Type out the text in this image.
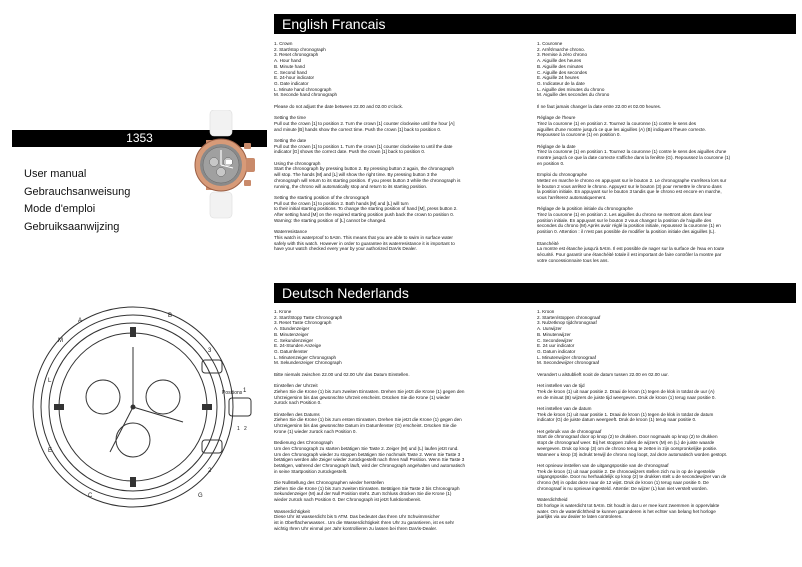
English Francais
Deutsch Nederlands
1353
User manual
Gebrauchsanweisung
Mode d'emploi
Gebruiksaanwijzing
M
L
A
B
3
1
2
G
E
C
1 2
Positions

1. Crown

2. Start/stop chronograph

3. Reset chronograph

A. Hour hand

B. Minute hand

C. Second hand

E. 24-hour indicator

G. Date indicator

L. Minute hand chronograph

M. Seconde hand chronograph

Please do not adjust the date between 22.00 and 02.00 o'clock.

Setting the time
Pull out the crown [1] to position 2. Turn the crown [1] counter clockwise until the hour [A]
and minute [B] hands show the correct time. Push the crown [1] back to position 0.

Setting the date
Pull out the crown [1] to position 1. Turn the crown [1] counter clockwise to until the date
indicator [G] shows the correct date. Push the crown [1] back to position 0.

Using the chronograph
Start the chronograph by pressing button 2. By pressing button 2 again, the chronograph
will stop. The hands [M] and [L] will show the right time. By pressing button 3 the
chronograph will return to its starting position. If you press button 3 while the chronograph is
running, the chrono will automatically stop and return to its starting position.

Setting the starting position of the chronograph
Pull out the crown [1] to position 2. Both hands [M] and [L] will turn
to their initial starting positions. To change the starting position of hand [M], press button 2.
After setting hand [M] on the required starting position push back the crown to position 0.
Warning: the starting position of [L] cannot be changed.

Waterresistance
This watch is waterproof to 5Atm. This means that you are able to swim in surface water
safely with this watch. However in order to guarantee its waterresistance it is important to
have your watch checked every year by your authorized DaVis Dealer.

1. Couronne

2. Arrêt/marche chrono.

3. Remise à zéro chrono

A. Aiguille des heures

B. Aiguille des minutes

C. Aiguille des secondes

E. Aiguille 24 heures

G. Indicateur de la date

L. Aiguille des minutes du chrono

M. Aiguille des secondes du chrono

Il ne faut jamais changer la date entre 22.00 et 02.00 heures.

Réglage de l'heure
Tirez la couronne (1) en position 2. Tournez la couronne (1) contre le sens des
aiguilles d'une montre jusqu'à ce que les aiguilles (A) (B) indiquent l'heure correcte.
Repoussez la couronne (1) en position 0.

Réglage de la date
Tirez la couronne (1) en position 1. Tournez la couronne (1) contre le sens des aiguilles d'une
montre jusqu'à ce que la date correcte s'affiche dans la fenêtre (G). Repoussez la couronne (1)
en position 0.

Emploi du chronographe
Mettez en marche le chrono en appuyant sur le bouton 2. Le chronographe s'arrêtera lors sur
le bouton 2 vous arrêtez le chrono. Appuyez sur le bouton (3) pour remettre le chrono dans
la position initiale. En appuyant sur le bouton 3 tandis que le chrono est encore en marche,
vous l'arrêterez automatiquement.

Réglage de la position initiale du chronographe
Tirez la couronne (1) en position 2. Les aiguilles du chrono se mettront alors dans leur
position initiale. En appuyant sur le bouton 2 vous changez la position de l'aiguille des
secondes du chrono (M) Après avoir réglé la position initiale, repoussez la couronne (1) en
position 0. Attention : il n'est pas possible de modifier la position initiale des aiguilles (L).

Etanchéité
La montre est étanche jusqu'à 5Atm. Il est possible de nager sur la surface de l'eau en toute
sécurité. Pour garantir une étanchéité totale il est important de faire contrôler la montre par
votre concessionnaire tous les ans.

1. Krone

2. Start/Stopp Taste Chronograph

3. Reset Taste Chronograph

A. Stundenzeiger

B. Minutenzeiger

C. Sekundenzeiger

E. 24-Stunden Anzeige

G. Datumfenster

L. Minutenzeiger Chronograph

M. Sekundenzeiger Chronograph

Bitte niemals zwischen 22.00 und 02.00 Uhr das Datum Einstellen.

Einstellen der Uhrzeit
Ziehen Sie die Krone (1) bis zum zweiten Einrasten. Drehen Sie jetzt die Krone (1) gegen den
Uhrzeigersinn bis das gewünschte Uhrzeit erscheint. Drücken Sie die Krone (1) wieder
zurück nach Position 0.

Einstellen des Datums
Ziehen Sie die Krone (1) bis zum ersten Einrasten. Drehen Sie jetzt die Krone (1) gegen den
Uhrzeigersinn bis das gewünschte Datum im Datumfenster (G) erscheint. Drücken Sie die
Krone (1) wieder zurück nach Position 0.

Bedienung des Chronograph
Um den Chronograph zu starten betätigen Sie Taste 2. Zeiger (M) und (L) laufen jetzt rund.
Um den Chronograph wieder zu stoppen betätigen Sie nochmals Taste 2. Wenn Sie Taste 3
betätigen werden alle Zeiger wieder zurückgestellt nach Ihren Null Position. Wenn Sie Taste 3
betätigen, während der Chronograph läuft, wird der Chronograph angehalten und automatisch
in seine Startposition zurückgestellt.

Die Nullstellung des Chronographen wieder herstellen
Ziehen Sie die Krone (1) bis zum zweiten Einrasten. Betätigen Sie Taste 2 bis Chronograph
Sekundenzeiger (M) auf der Null Position steht. Zum Schluss drücken Sie die Krone (1)
wieder zurück nach Position 0. Der Chronograph ist jetzt funktionsbereit.

Wasserdichtigkeit
Diese Uhr ist wasserdicht bis 5 ATM. Das bedeutet das Ihren Uhr Schwimmsicher
ist in Oberflächenwasser.. Um die Wasserdichtigkeit Ihren Uhr zu garantieren, ist es sehr
wichtig Ihren Uhr einmal per Jahr kontrollieren zu lassen bei Ihren DaVis-Dealer.

1. Kroon

2. Starten/stoppen chronograaf

3. Nulzetknop tijdchronograaf

A. Uurwijzer

B. Minutenwijzer

C. Secondewijzer

E. 24 uur indicator

G. Datum indicator

L. Minutenwijzer chronograaf

M. Secondewijzer chronograaf

Verandert u alstublieft nooit de datum tussen 22.00 en 02.00 uur.

Het instellen van de tijd
Trek de kroon (1) uit naar positie 2. Draai de kroon (1) tegen de klok in totdat de uur (A)
en de minuut (B) wijzers de juiste tijd weergeven. Druk de kroon (1) terug naar positie 0.

Het instellen van de datum
Trek de kroon (1) uit naar positie 1. Draai de kroon (1) tegen de klok in totdat de datum
indicator (G) de juiste datum weergeeft. Druk de kroon (1) terug naar positie 0.

Het gebruik van de chronograaf
Start de chronograaf door op knop (2) te drukken. Door nogmaals op knop (2) te drukken
stopt de chronograaf weer. Bij het stoppen zullen de wijzers (M) en (L) de juiste waarde
weergeven. Druk op knop (3) om de chrono terug te zetten in zijn oorspronkelijke positie.
Wanneer u knop (3) indrukt terwijl de chrono nog loopt, zal deze automatisch worden gestopt.

Het opnieuw instellen van de uitgangspositie van de chronograaf
Trek de kroon (1) uit naar positie 2. De chronowijzers stellen zich nu in op de ingestelde
uitgangspositie. Door nu herhaaldelijk op knop (2) te drukken stelt u de secondewijzer van de
chrono (M) in opdat deze naar de 12 wijst. Druk de kroon (1) terug naar positie 0. De
chronograaf is nu opnieuw ingesteld. Attentie: De wijzer (L) kan niet verstelt worden.

Waterdichtheid
Dit horloge is waterdicht tot 5Atm. Dit houdt in dat u er mee kunt zwemmen in oppervlakte
water. Om de waterdichtheid te kunnen garanderen is het echter van belang het horloge
jaarlijks via uw dealer te laten controleren.
